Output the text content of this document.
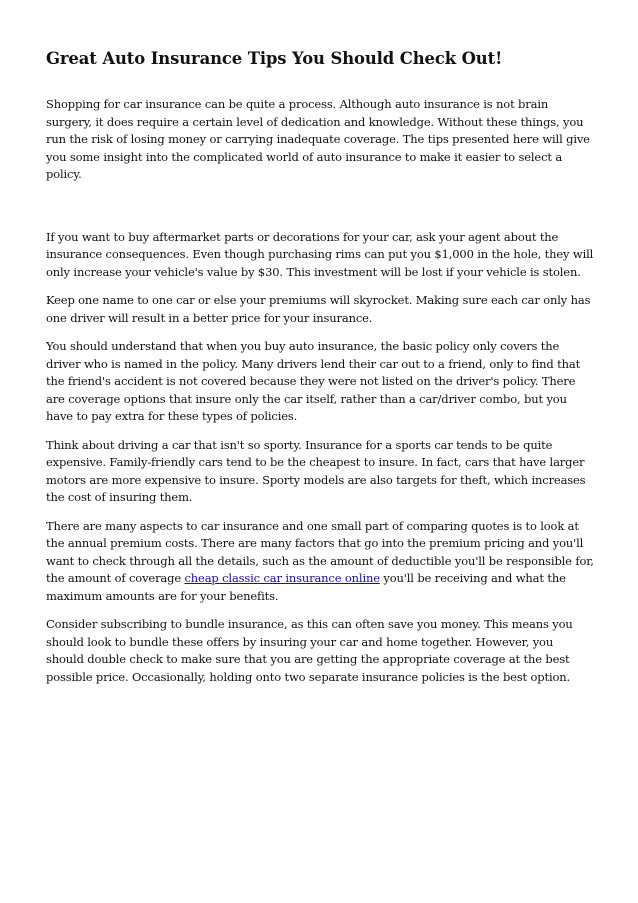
Great Auto Insurance Tips You Should Check Out!

Shopping for car insurance can be quite a process. Although auto insurance is not brain surgery, it does require a certain level of dedication and knowledge. Without these things, you run the risk of losing money or carrying inadequate coverage. The tips presented here will give you some insight into the complicated world of auto insurance to make it easier to select a policy.

If you want to buy aftermarket parts or decorations for your car, ask your agent about the insurance consequences. Even though purchasing rims can put you $1,000 in the hole, they will only increase your vehicle's value by $30. This investment will be lost if your vehicle is stolen.

Keep one name to one car or else your premiums will skyrocket. Making sure each car only has one driver will result in a better price for your insurance.

You should understand that when you buy auto insurance, the basic policy only covers the driver who is named in the policy. Many drivers lend their car out to a friend, only to find that the friend's accident is not covered because they were not listed on the driver's policy. There are coverage options that insure only the car itself, rather than a car/driver combo, but you have to pay extra for these types of policies.

Think about driving a car that isn't so sporty. Insurance for a sports car tends to be quite expensive. Family-friendly cars tend to be the cheapest to insure. In fact, cars that have larger motors are more expensive to insure. Sporty models are also targets for theft, which increases the cost of insuring them.

There are many aspects to car insurance and one small part of comparing quotes is to look at the annual premium costs. There are many factors that go into the premium pricing and you'll want to check through all the details, such as the amount of deductible you'll be responsible for, the amount of coverage cheap classic car insurance online you'll be receiving and what the maximum amounts are for your benefits.

Consider subscribing to bundle insurance, as this can often save you money. This means you should look to bundle these offers by insuring your car and home together. However, you should double check to make sure that you are getting the appropriate coverage at the best possible price. Occasionally, holding onto two separate insurance policies is the best option.
